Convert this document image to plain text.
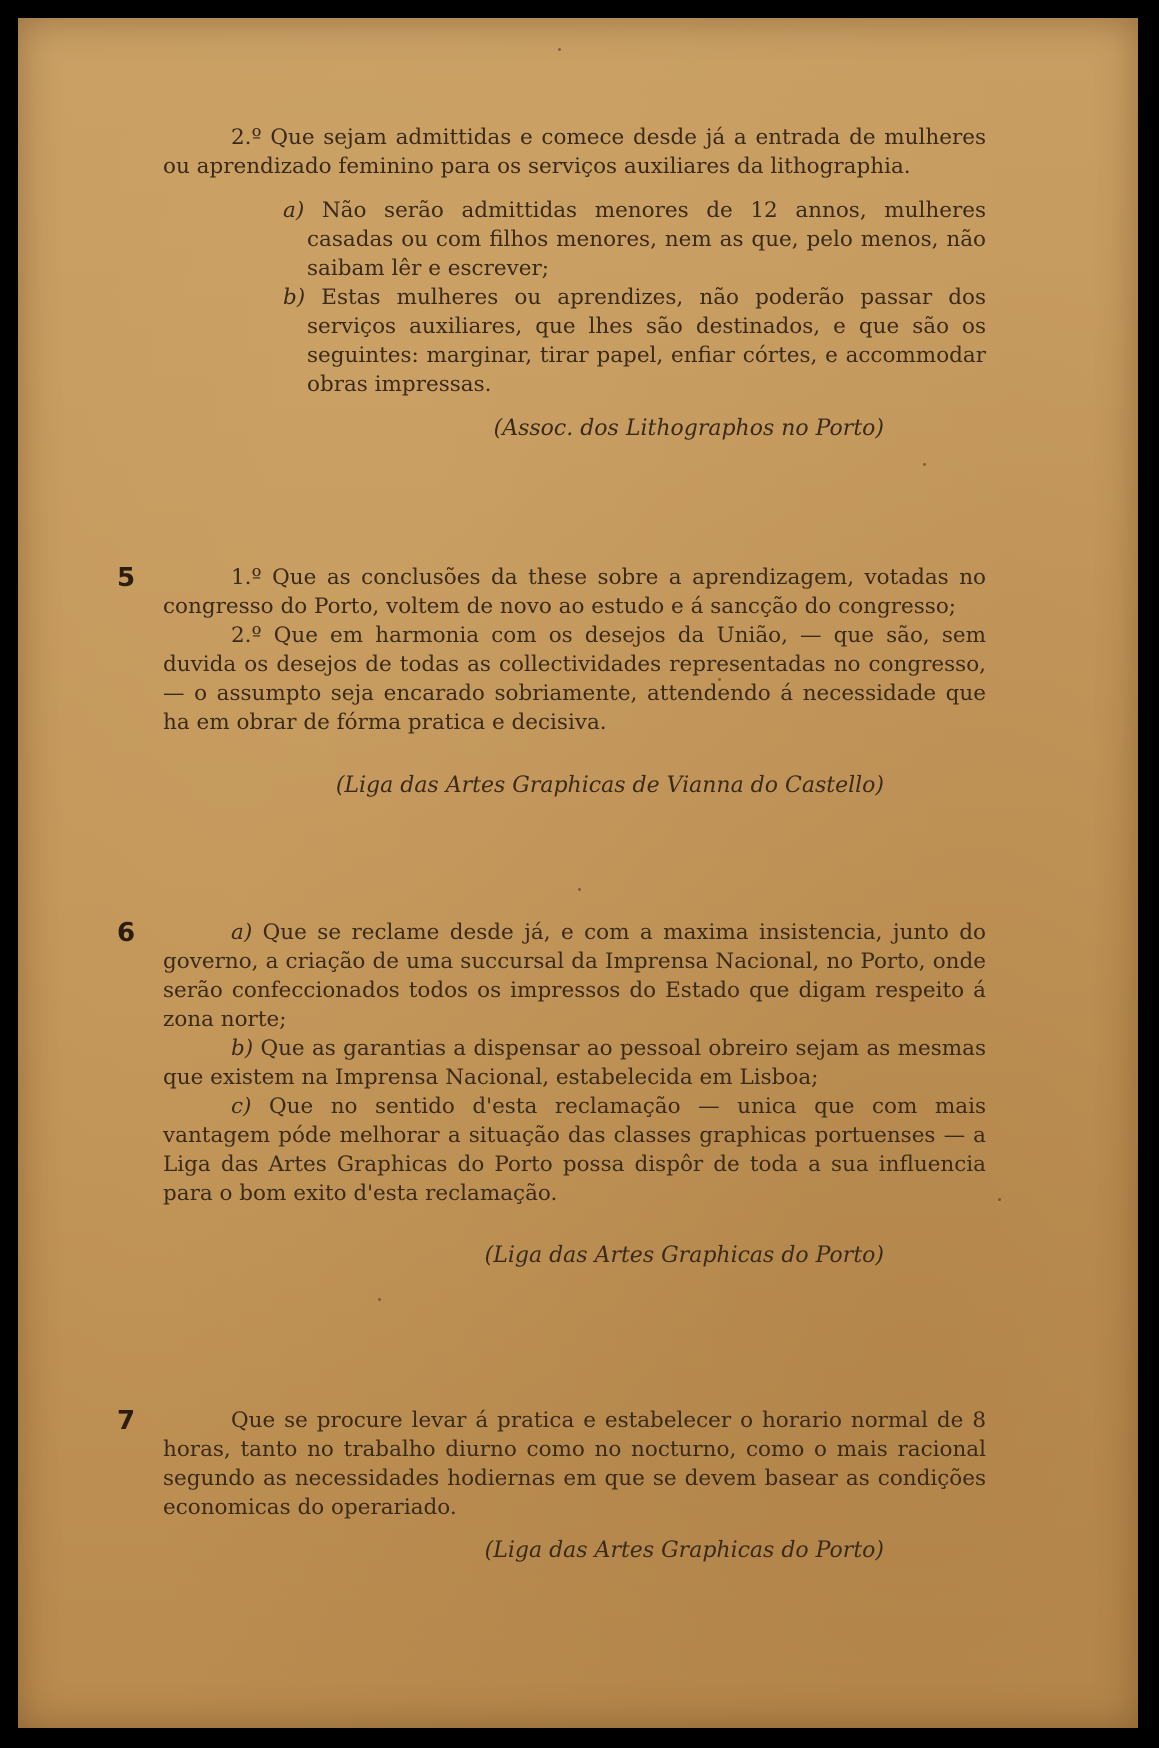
2.º Que sejam admittidas e comece desde já a entrada de mulheres ou aprendizado feminino para os serviços auxiliares da lithographia.

a) Não serão admittidas menores de 12 annos, mulheres casadas ou com filhos menores, nem as que, pelo menos, não saibam lêr e escrever;

b) Estas mulheres ou aprendizes, não poderão passar dos serviços auxiliares, que lhes são destinados, e que são os seguintes: marginar, tirar papel, enfiar córtes, e accommodar obras impressas.

(Assoc. dos Lithographos no Porto)
5	1.º Que as conclusões da these sobre a aprendizagem, votadas no congresso do Porto, voltem de novo ao estudo e á sancção do congresso;

2.º Que em harmonia com os desejos da União, — que são, sem duvida os desejos de todas as collectividades representadas no congresso, — o assumpto seja encarado sobriamente, attendendo á necessidade que ha em obrar de fórma pratica e decisiva.

(Liga das Artes Graphicas de Vianna do Castello)
6	a) Que se reclame desde já, e com a maxima insistencia, junto do governo, a criação de uma succursal da Imprensa Nacional, no Porto, onde serão confeccionados todos os impressos do Estado que digam respeito á zona norte;

b) Que as garantias a dispensar ao pessoal obreiro sejam as mesmas que existem na Imprensa Nacional, estabelecida em Lisboa;

c) Que no sentido d'esta reclamação — unica que com mais vantagem póde melhorar a situação das classes graphicas portuenses — a Liga das Artes Graphicas do Porto possa dispôr de toda a sua influencia para o bom exito d'esta reclamação.

(Liga das Artes Graphicas do Porto)
7	Que se procure levar á pratica e estabelecer o horario normal de 8 horas, tanto no trabalho diurno como no nocturno, como o mais racional segundo as necessidades hodiernas em que se devem basear as condições economicas do operariado.

(Liga das Artes Graphicas do Porto)
